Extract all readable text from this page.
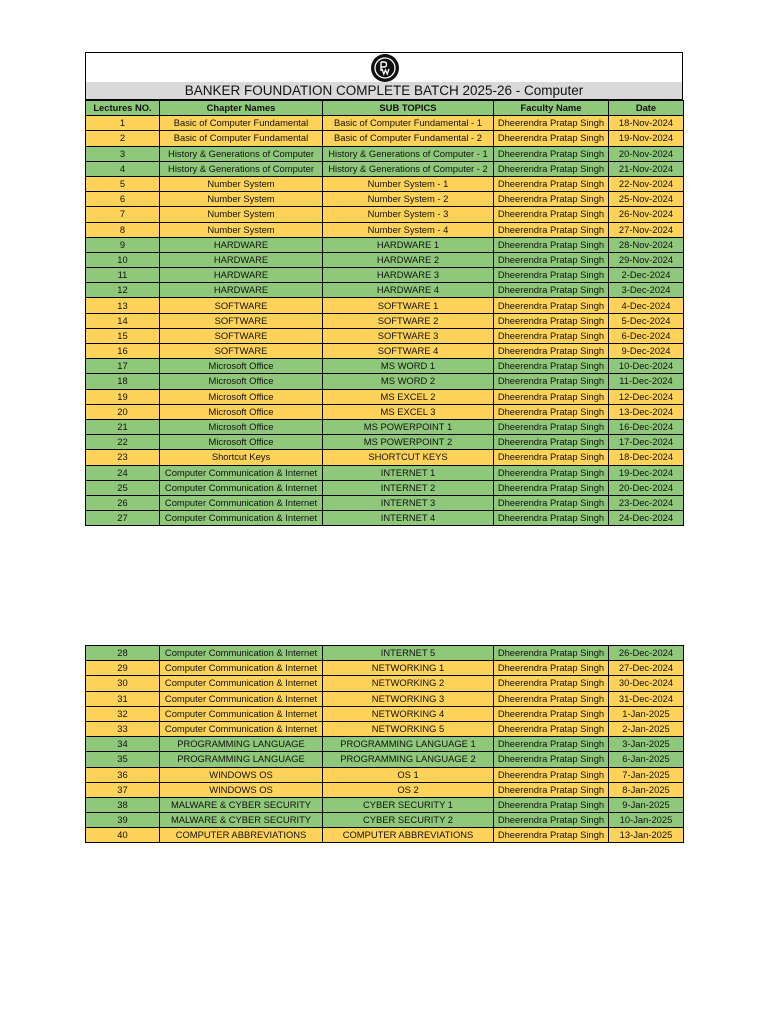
BANKER FOUNDATION COMPLETE BATCH 2025-26 - Computer
Lectures NO.	Chapter Names	SUB TOPICS	Faculty Name	Date
1	Basic of Computer Fundamental	Basic of Computer Fundamental - 1	Dheerendra Pratap Singh	18-Nov-2024
2	Basic of Computer Fundamental	Basic of Computer Fundamental - 2	Dheerendra Pratap Singh	19-Nov-2024
3	History & Generations of Computer	History & Generations of Computer - 1	Dheerendra Pratap Singh	20-Nov-2024
4	History & Generations of Computer	History & Generations of Computer - 2	Dheerendra Pratap Singh	21-Nov-2024
5	Number System	Number System - 1	Dheerendra Pratap Singh	22-Nov-2024
6	Number System	Number System - 2	Dheerendra Pratap Singh	25-Nov-2024
7	Number System	Number System - 3	Dheerendra Pratap Singh	26-Nov-2024
8	Number System	Number System - 4	Dheerendra Pratap Singh	27-Nov-2024
9	HARDWARE	HARDWARE 1	Dheerendra Pratap Singh	28-Nov-2024
10	HARDWARE	HARDWARE 2	Dheerendra Pratap Singh	29-Nov-2024
11	HARDWARE	HARDWARE 3	Dheerendra Pratap Singh	2-Dec-2024
12	HARDWARE	HARDWARE 4	Dheerendra Pratap Singh	3-Dec-2024
13	SOFTWARE	SOFTWARE 1	Dheerendra Pratap Singh	4-Dec-2024
14	SOFTWARE	SOFTWARE 2	Dheerendra Pratap Singh	5-Dec-2024
15	SOFTWARE	SOFTWARE 3	Dheerendra Pratap Singh	6-Dec-2024
16	SOFTWARE	SOFTWARE 4	Dheerendra Pratap Singh	9-Dec-2024
17	Microsoft Office	MS WORD 1	Dheerendra Pratap Singh	10-Dec-2024
18	Microsoft Office	MS WORD 2	Dheerendra Pratap Singh	11-Dec-2024
19	Microsoft Office	MS EXCEL 2	Dheerendra Pratap Singh	12-Dec-2024
20	Microsoft Office	MS EXCEL 3	Dheerendra Pratap Singh	13-Dec-2024
21	Microsoft Office	MS POWERPOINT 1	Dheerendra Pratap Singh	16-Dec-2024
22	Microsoft Office	MS POWERPOINT 2	Dheerendra Pratap Singh	17-Dec-2024
23	Shortcut Keys	SHORTCUT KEYS	Dheerendra Pratap Singh	18-Dec-2024
24	Computer Communication & Internet	INTERNET 1	Dheerendra Pratap Singh	19-Dec-2024
25	Computer Communication & Internet	INTERNET 2	Dheerendra Pratap Singh	20-Dec-2024
26	Computer Communication & Internet	INTERNET 3	Dheerendra Pratap Singh	23-Dec-2024
27	Computer Communication & Internet	INTERNET 4	Dheerendra Pratap Singh	24-Dec-2024
28	Computer Communication & Internet	INTERNET 5	Dheerendra Pratap Singh	26-Dec-2024
29	Computer Communication & Internet	NETWORKING 1	Dheerendra Pratap Singh	27-Dec-2024
30	Computer Communication & Internet	NETWORKING 2	Dheerendra Pratap Singh	30-Dec-2024
31	Computer Communication & Internet	NETWORKING 3	Dheerendra Pratap Singh	31-Dec-2024
32	Computer Communication & Internet	NETWORKING 4	Dheerendra Pratap Singh	1-Jan-2025
33	Computer Communication & Internet	NETWORKING 5	Dheerendra Pratap Singh	2-Jan-2025
34	PROGRAMMING LANGUAGE	PROGRAMMING LANGUAGE 1	Dheerendra Pratap Singh	3-Jan-2025
35	PROGRAMMING LANGUAGE	PROGRAMMING LANGUAGE 2	Dheerendra Pratap Singh	6-Jan-2025
36	WINDOWS OS	OS 1	Dheerendra Pratap Singh	7-Jan-2025
37	WINDOWS OS	OS 2	Dheerendra Pratap Singh	8-Jan-2025
38	MALWARE & CYBER SECURITY	CYBER SECURITY 1	Dheerendra Pratap Singh	9-Jan-2025
39	MALWARE & CYBER SECURITY	CYBER SECURITY 2	Dheerendra Pratap Singh	10-Jan-2025
40	COMPUTER ABBREVIATIONS	COMPUTER ABBREVIATIONS	Dheerendra Pratap Singh	13-Jan-2025
